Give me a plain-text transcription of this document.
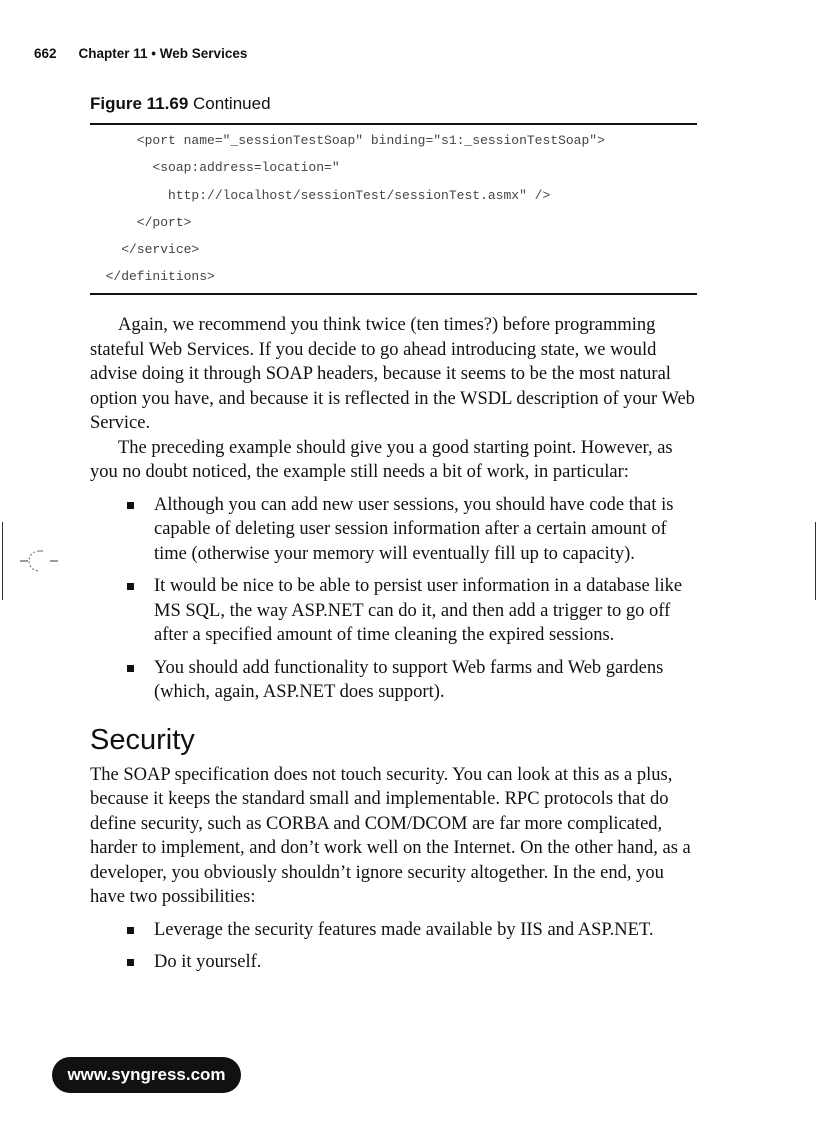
662 Chapter 11 • Web Services
Figure 11.69 Continued
<port name="_sessionTestSoap" binding="s1:_sessionTestSoap">
<soap:address=location="
http://localhost/sessionTest/sessionTest.asmx" />
</port>
</service>
</definitions>

Again, we recommend you think twice (ten times?) before programming stateful Web Services. If you decide to go ahead introducing state, we would advise doing it through SOAP headers, because it seems to be the most natural option you have, and because it is reflected in the WSDL description of your Web Service.

The preceding example should give you a good starting point. However, as you no doubt noticed, the example still needs a bit of work, in particular:

Although you can add new user sessions, you should have code that is capable of deleting user session information after a certain amount of time (otherwise your memory will eventually fill up to capacity).
It would be nice to be able to persist user information in a database like MS SQL, the way ASP.NET can do it, and then add a trigger to go off after a specified amount of time cleaning the expired sessions.
You should add functionality to support Web farms and Web gardens (which, again, ASP.NET does support).
Security

The SOAP specification does not touch security. You can look at this as a plus, because it keeps the standard small and implementable. RPC protocols that do define security, such as CORBA and COM/DCOM are far more complicated, harder to implement, and don’t work well on the Internet. On the other hand, as a developer, you obviously shouldn’t ignore security altogether. In the end, you have two possibilities:

Leverage the security features made available by IIS and ASP.NET.
Do it yourself.
www.syngress.com
